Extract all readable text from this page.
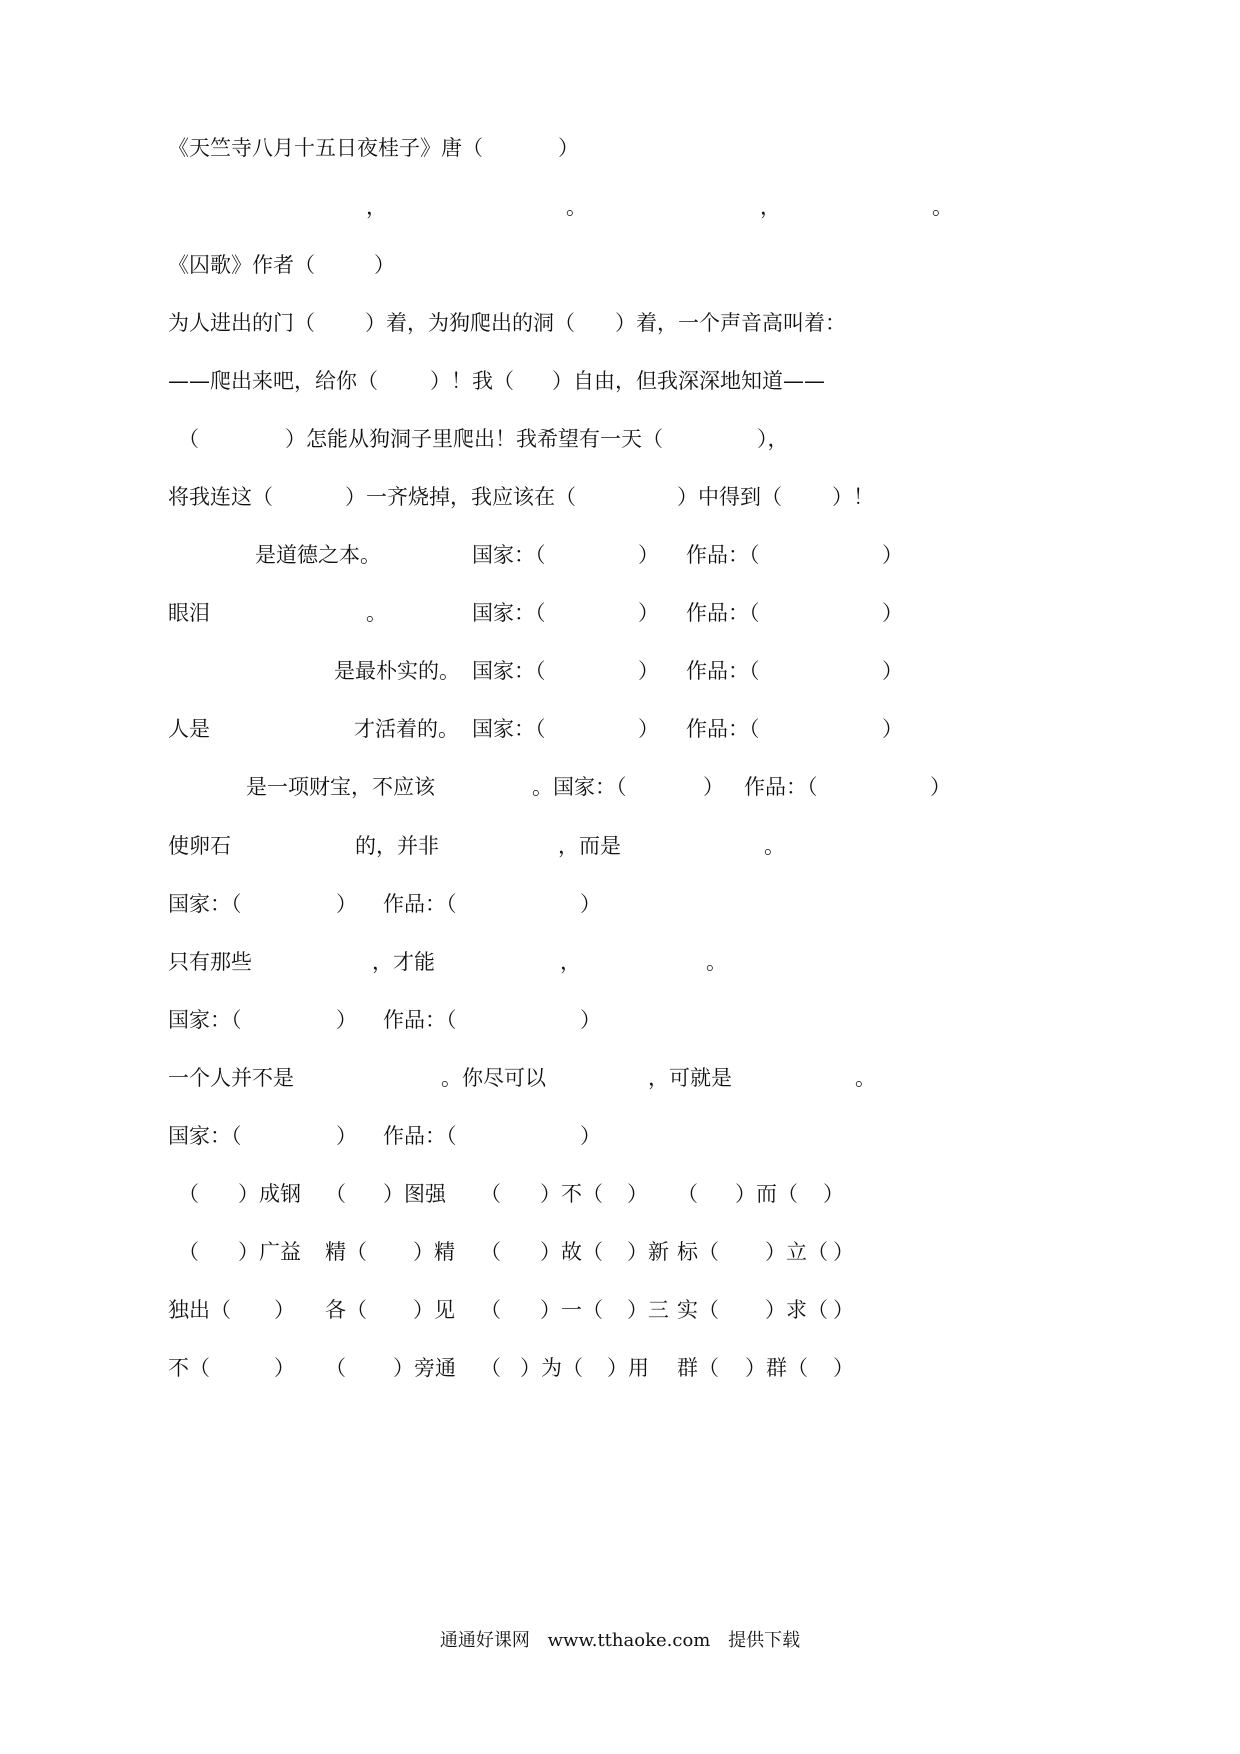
《天竺寺八月十五日夜桂子》唐（	）
，	。	，	。
《囚歌》作者（	）
为人进出的门（ ）着，为狗爬出的洞（ ）着，一个声音高叫着：
——爬出来吧，给你（ ）！我（ ）自由，但我深深地知道——
（	）怎能从狗洞子里爬出！我希望有一天（	），
将我连这（	）一齐烧掉，我应该在（	）中得到（ ）！
是道德之本。	国家：（	） 作品：（	）
眼泪	。	国家：（	） 作品：（	）
是最朴实的。 国家：（	） 作品：（	）
人是	才活着的。 国家：（	） 作品：（	）
是一项财宝，不应该	。国家：（	） 作品：（	）
使卵石	的，并非	，而是	。
国家：（	） 作品：（	）
只有那些	，才能	，	。
国家：（	） 作品：（	）
一个人并不是	。你尽可以	，可就是	。
国家：（	） 作品：（	）
（ ）成钢 （ ）图强 （ ）不（ ） （ ）而（ ）
（ ）广益 精（ ）精 （ ）故（ ）新 标（ ）立（ ）
独出（ ） 各（ ）见 （ ）一（ ）三 实（ ）求（ ）
不（	） （ ）旁通 （ ）为（ ）用 群（ ）群（ ）
通通好课网 www.tthaoke.com 提供下载
